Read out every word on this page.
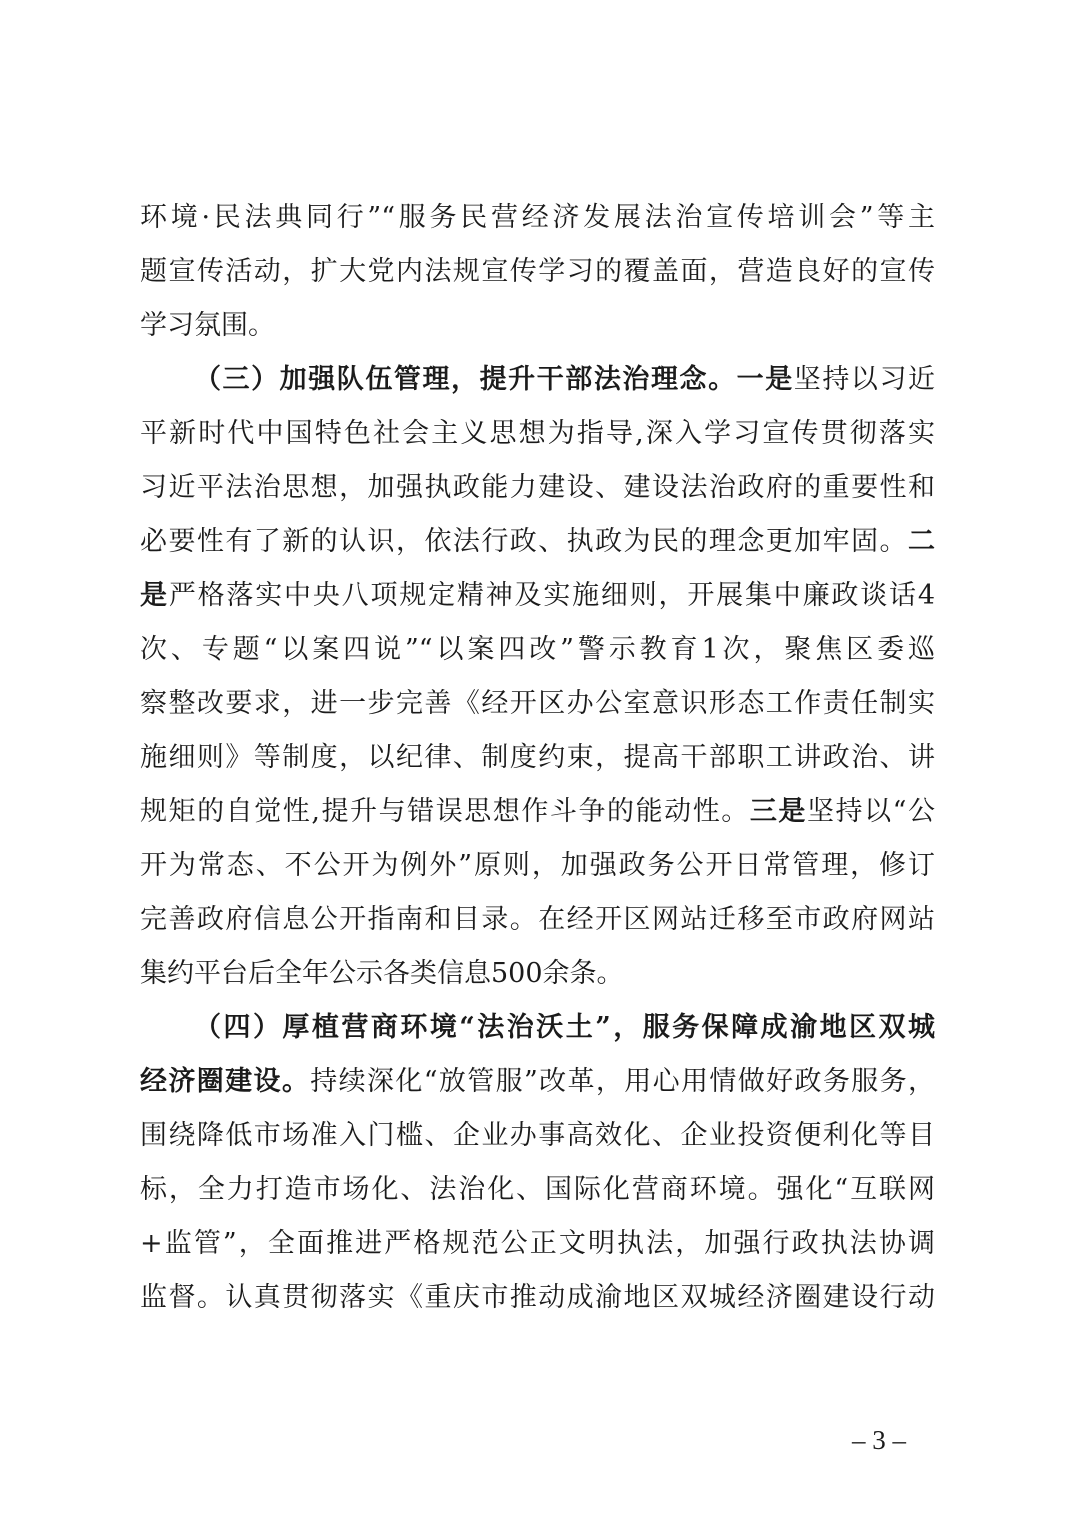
环境·民法典同行”“服务民营经济发展法治宣传培训会”等主
题宣传活动，扩大党内法规宣传学习的覆盖面，营造良好的宣传
学习氛围。
（三）加强队伍管理，提升干部法治理念。一是坚持以习近
平新时代中国特色社会主义思想为指导,深入学习宣传贯彻落实
习近平法治思想，加强执政能力建设、建设法治政府的重要性和
必要性有了新的认识，依法行政、执政为民的理念更加牢固。二
是严格落实中央八项规定精神及实施细则，开展集中廉政谈话4
次、专题“以案四说”“以案四改”警示教育1次，聚焦区委巡
察整改要求，进一步完善《经开区办公室意识形态工作责任制实
施细则》等制度，以纪律、制度约束，提高干部职工讲政治、讲
规矩的自觉性,提升与错误思想作斗争的能动性。三是坚持以“公
开为常态、不公开为例外”原则，加强政务公开日常管理，修订
完善政府信息公开指南和目录。在经开区网站迁移至市政府网站
集约平台后全年公示各类信息500余条。
（四）厚植营商环境“法治沃土”，服务保障成渝地区双城
经济圈建设。持续深化“放管服”改革，用心用情做好政务服务，
围绕降低市场准入门槛、企业办事高效化、企业投资便利化等目
标，全力打造市场化、法治化、国际化营商环境。强化“互联网
+监管”，全面推进严格规范公正文明执法，加强行政执法协调
监督。认真贯彻落实《重庆市推动成渝地区双城经济圈建设行动
– 3 –
